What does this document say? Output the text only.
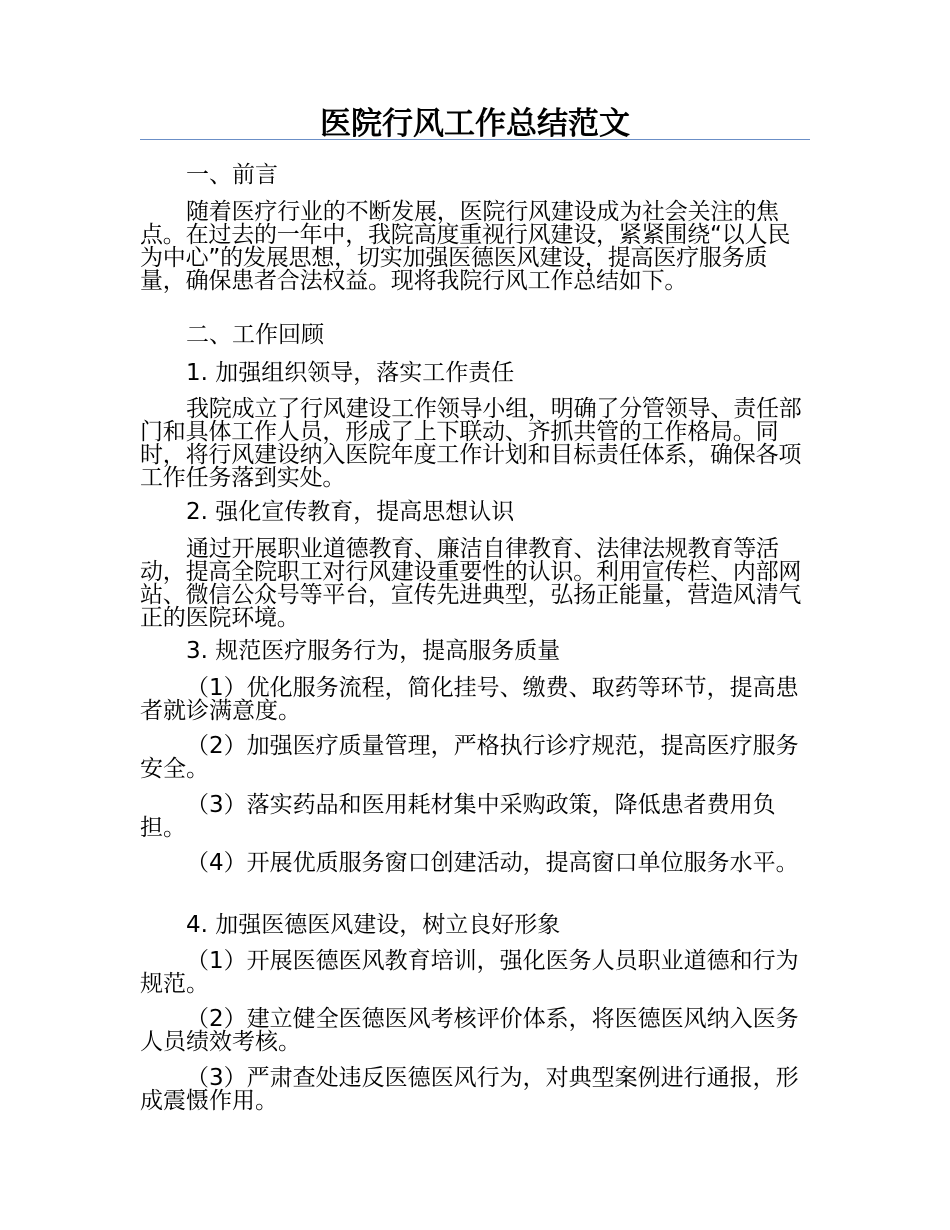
医院行风工作总结范文

一、前言

随着医疗行业的不断发展，医院行风建设成为社会关注的焦点。在过去的一年中，我院高度重视行风建设，紧紧围绕“以人民为中心”的发展思想，切实加强医德医风建设，提高医疗服务质量，确保患者合法权益。现将我院行风工作总结如下。

二、工作回顾

1. 加强组织领导，落实工作责任

我院成立了行风建设工作领导小组，明确了分管领导、责任部门和具体工作人员，形成了上下联动、齐抓共管的工作格局。同时，将行风建设纳入医院年度工作计划和目标责任体系，确保各项工作任务落到实处。

2. 强化宣传教育，提高思想认识

通过开展职业道德教育、廉洁自律教育、法律法规教育等活动，提高全院职工对行风建设重要性的认识。利用宣传栏、内部网站、微信公众号等平台，宣传先进典型，弘扬正能量，营造风清气正的医院环境。

3. 规范医疗服务行为，提高服务质量

（1）优化服务流程，简化挂号、缴费、取药等环节，提高患者就诊满意度。

（2）加强医疗质量管理，严格执行诊疗规范，提高医疗服务安全。

（3）落实药品和医用耗材集中采购政策，降低患者费用负担。

（4）开展优质服务窗口创建活动，提高窗口单位服务水平。

4. 加强医德医风建设，树立良好形象

（1）开展医德医风教育培训，强化医务人员职业道德和行为规范。

（2）建立健全医德医风考核评价体系，将医德医风纳入医务人员绩效考核。

（3）严肃查处违反医德医风行为，对典型案例进行通报，形成震慑作用。
